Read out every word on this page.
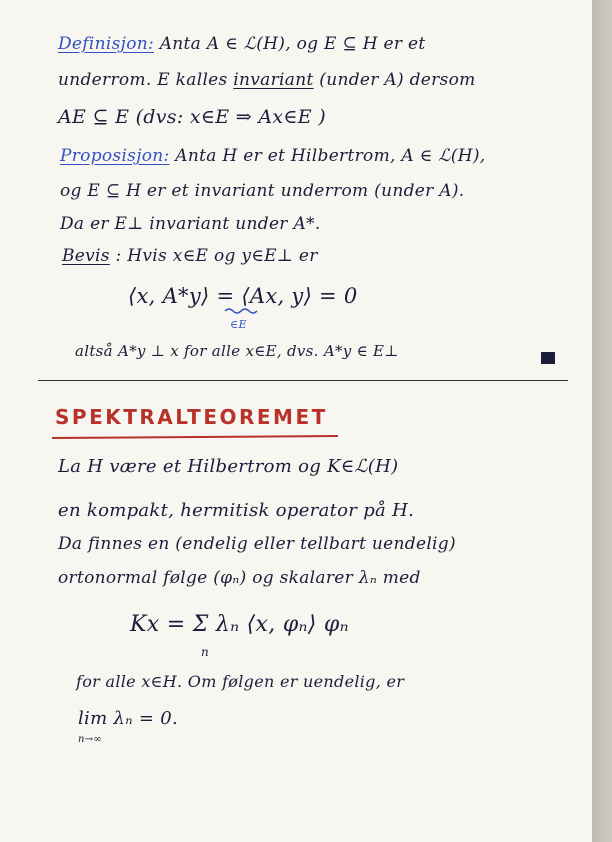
Definisjon: Anta A ∈ ℒ(H), og E ⊆ H er et
underrom. E kalles invariant (under A) dersom
AE ⊆ E (dvs: x∈E ⇒ Ax∈E )
Proposisjon: Anta H er et Hilbertrom, A ∈ ℒ(H),
og E ⊆ H er et invariant underrom (under A).
Da er E⊥ invariant under A*.
Bevis : Hvis x∈E og y∈E⊥ er
⟨x, A*y⟩ = ⟨Ax, y⟩ = 0
∈E
altså A*y ⊥ x for alle x∈E, dvs. A*y ∈ E⊥
SPEKTRALTEOREMET
La H være et Hilbertrom og K∈ℒ(H)
en kompakt, hermitisk operator på H.
Da finnes en (endelig eller tellbart uendelig)
ortonormal følge (φₙ) og skalarer λₙ med
Kx = Σ λₙ ⟨x, φₙ⟩ φₙ
n
for alle x∈H. Om følgen er uendelig, er
lim λₙ = 0.
n→∞
